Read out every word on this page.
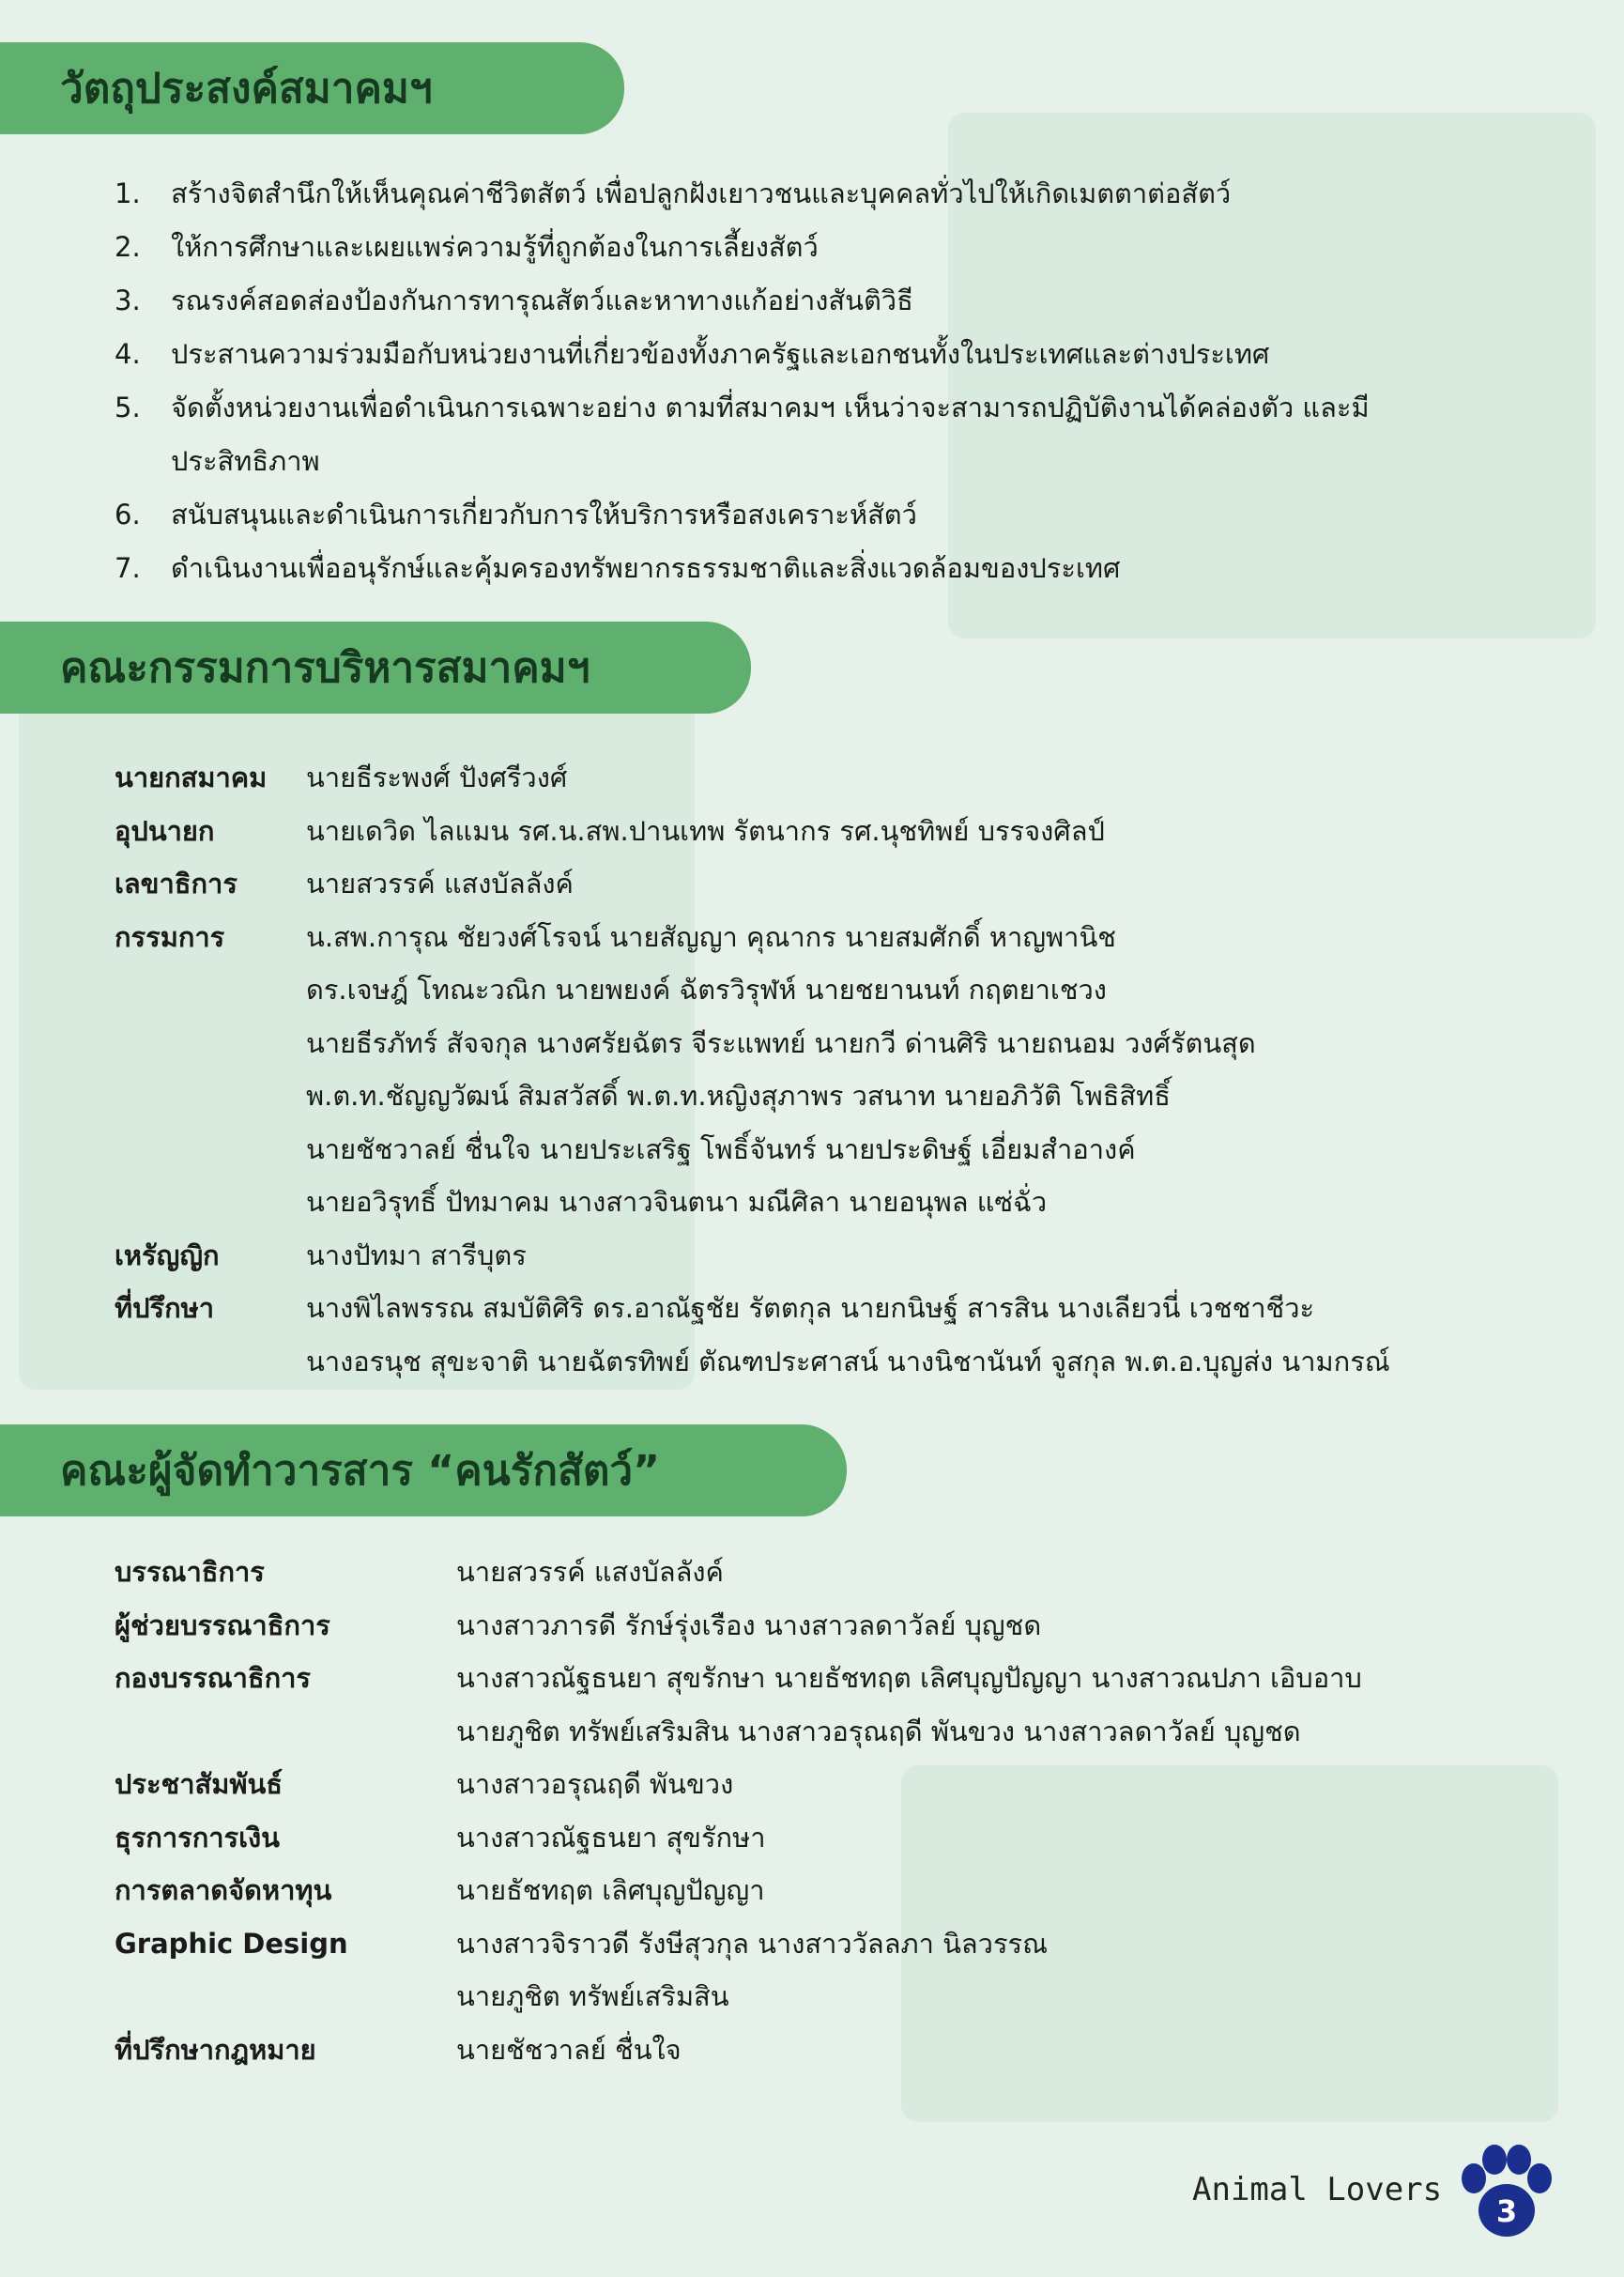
วัตถุประสงค์สมาคมฯ
1.	สร้างจิตสำนึกให้เห็นคุณค่าชีวิตสัตว์ เพื่อปลูกฝังเยาวชนและบุคคลทั่วไปให้เกิดเมตตาต่อสัตว์
2.	ให้การศึกษาและเผยแพร่ความรู้ที่ถูกต้องในการเลี้ยงสัตว์
3.	รณรงค์สอดส่องป้องกันการทารุณสัตว์และหาทางแก้อย่างสันติวิธี
4.	ประสานความร่วมมือกับหน่วยงานที่เกี่ยวข้องทั้งภาครัฐและเอกชนทั้งในประเทศและต่างประเทศ
5.	จัดตั้งหน่วยงานเพื่อดำเนินการเฉพาะอย่าง ตามที่สมาคมฯ เห็นว่าจะสามารถปฏิบัติงานได้คล่องตัว และมีประสิทธิภาพ
6.	สนับสนุนและดำเนินการเกี่ยวกับการให้บริการหรือสงเคราะห์สัตว์
7.	ดำเนินงานเพื่ออนุรักษ์และคุ้มครองทรัพยากรธรรมชาติและสิ่งแวดล้อมของประเทศ
คณะกรรมการบริหารสมาคมฯ
นายกสมาคม	นายธีระพงศ์ ปังศรีวงศ์
อุปนายก	นายเดวิด ไลแมน รศ.น.สพ.ปานเทพ รัตนากร รศ.นุชทิพย์ บรรจงศิลป์
เลขาธิการ	นายสวรรค์ แสงบัลลังค์
กรรมการ	น.สพ.การุณ ชัยวงศ์โรจน์ นายสัญญา คุณากร นายสมศักดิ์ หาญพานิช
ดร.เจษฎ์ โทณะวณิก นายพยงค์ ฉัตรวิรุฬห์ นายชยานนท์ กฤตยาเชวง
นายธีรภัทร์ สัจจกุล นางศรัยฉัตร จีระแพทย์ นายกวี ด่านศิริ นายถนอม วงศ์รัตนสุด
พ.ต.ท.ชัญญวัฒน์ สิมสวัสดิ์ พ.ต.ท.หญิงสุภาพร วสนาท นายอภิวัติ โพธิสิทธิ์
นายชัชวาลย์ ชื่นใจ นายประเสริฐ โพธิ์จันทร์ นายประดิษฐ์ เอี่ยมสำอางค์
นายอวิรุทธิ์ ปัทมาคม นางสาวจินตนา มณีศิลา นายอนุพล แซ่ฉั่ว
เหรัญญิก	นางปัทมา สารีบุตร
ที่ปรึกษา	นางพิไลพรรณ สมบัติศิริ ดร.อาณัฐชัย รัตตกุล นายกนิษฐ์ สารสิน นางเลียวนี่ เวชชาชีวะ
นางอรนุช สุขะจาติ นายฉัตรทิพย์ ตัณฑประศาสน์ นางนิชานันท์ จูสกุล พ.ต.อ.บุญส่ง นามกรณ์
คณะผู้จัดทำวารสาร “คนรักสัตว์”
บรรณาธิการ	นายสวรรค์ แสงบัลลังค์
ผู้ช่วยบรรณาธิการ	นางสาวภารดี รักษ์รุ่งเรือง นางสาวลดาวัลย์ บุญชด
กองบรรณาธิการ	นางสาวณัฐธนยา สุขรักษา นายธัชทฤต เลิศบุญปัญญา นางสาวณปภา เอิบอาบ
นายภูชิต ทรัพย์เสริมสิน นางสาวอรุณฤดี พันขวง นางสาวลดาวัลย์ บุญชด
ประชาสัมพันธ์	นางสาวอรุณฤดี พันขวง
ธุรการการเงิน	นางสาวณัฐธนยา สุขรักษา
การตลาดจัดหาทุน	นายธัชทฤต เลิศบุญปัญญา
Graphic Design	นางสาวจิราวดี รังษีสุวกุล นางสาววัลลภา นิลวรรณ
นายภูชิต ทรัพย์เสริมสิน
ที่ปรึกษากฎหมาย	นายชัชวาลย์ ชื่นใจ
Animal Lovers
3
